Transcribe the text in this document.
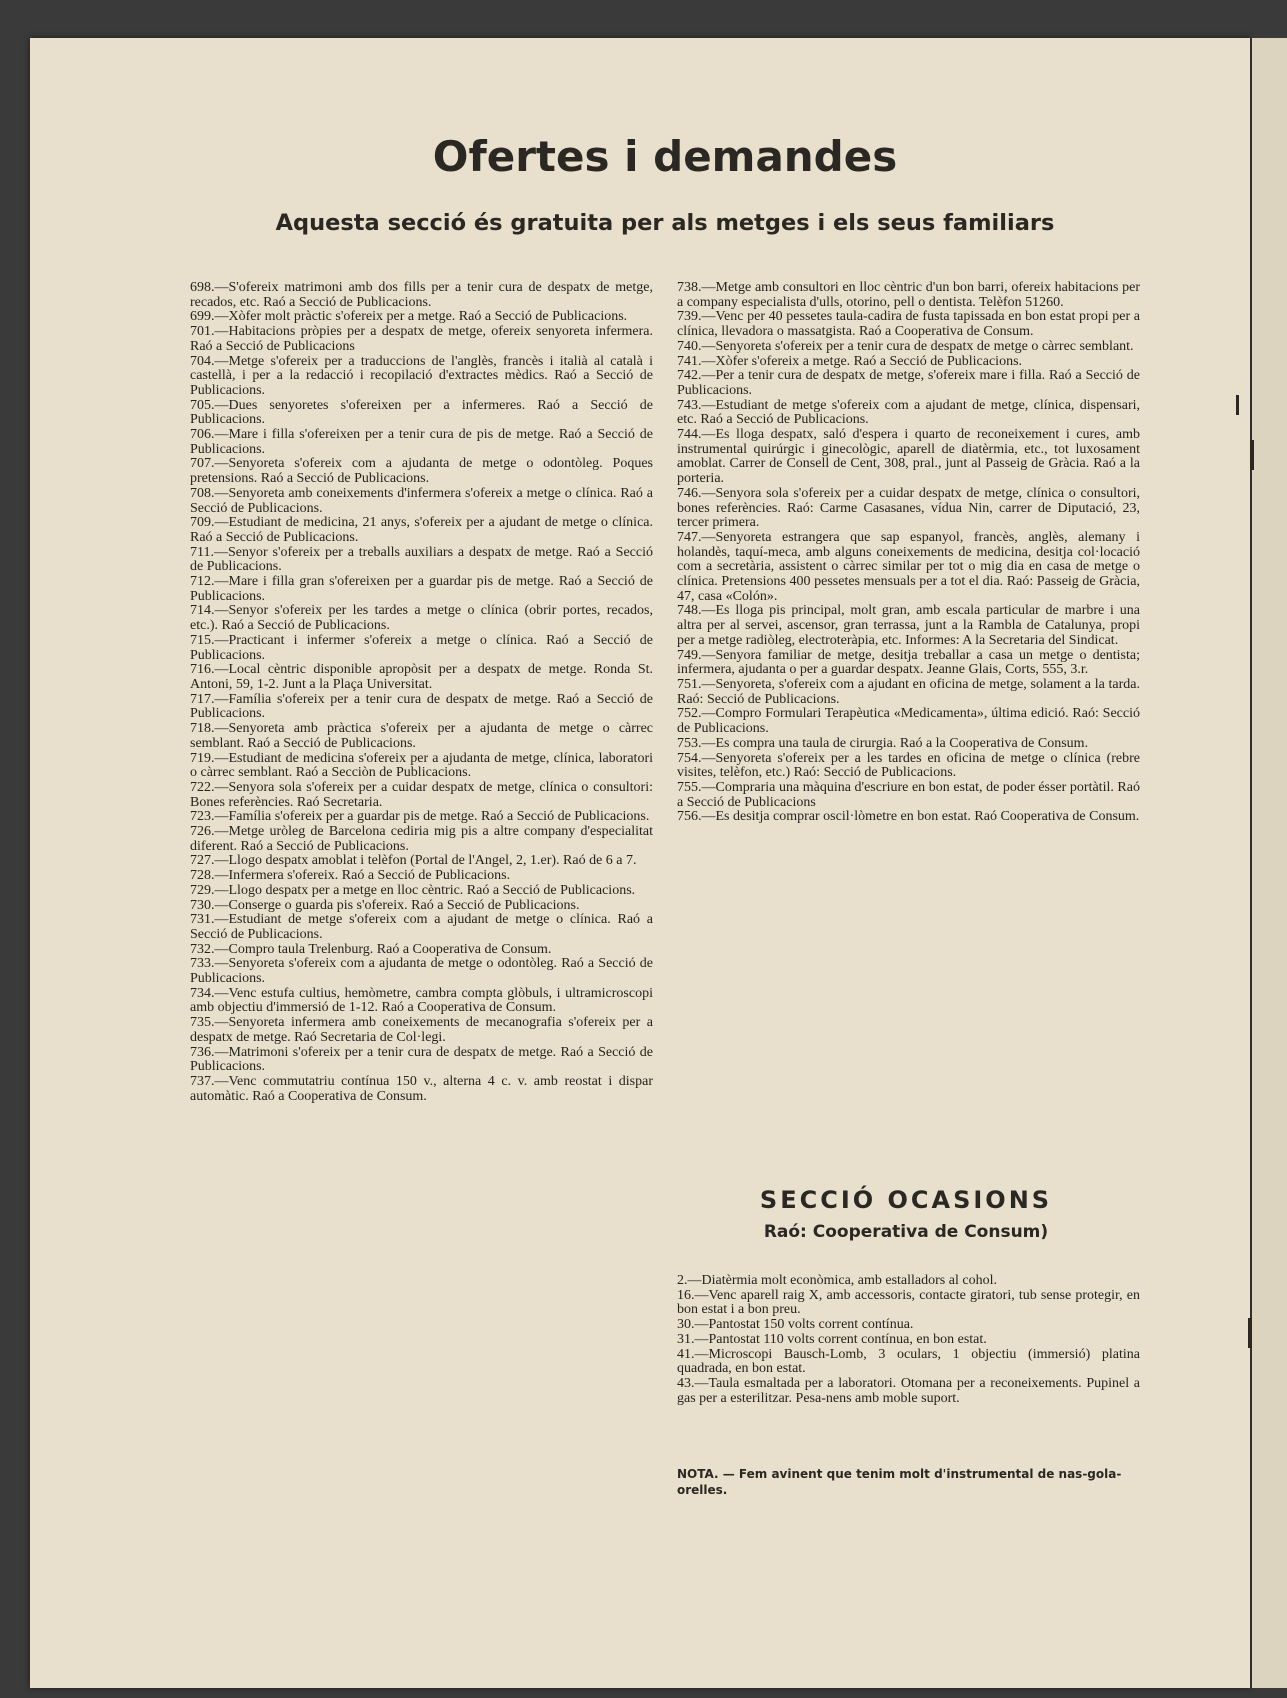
Ofertes i demandes
Aquesta secció és gratuita per als metges i els seus familiars

698.—S'ofereix matrimoni amb dos fills per a tenir cura de despatx de metge, recados, etc. Raó a Secció de Publicacions.

699.—Xòfer molt pràctic s'ofereix per a metge. Raó a Secció de Publicacions.

701.—Habitacions pròpies per a despatx de metge, ofereix senyoreta infermera. Raó a Secció de Publicacions

704.—Metge s'ofereix per a traduccions de l'anglès, francès i italià al català i castellà, i per a la redacció i recopilació d'extractes mèdics. Raó a Secció de Publicacions.

705.—Dues senyoretes s'ofereixen per a infermeres. Raó a Secció de Publicacions.

706.—Mare i filla s'ofereixen per a tenir cura de pis de metge. Raó a Secció de Publicacions.

707.—Senyoreta s'ofereix com a ajudanta de metge o odontòleg. Poques pretensions. Raó a Secció de Publicacions.

708.—Senyoreta amb coneixements d'infermera s'ofereix a metge o clínica. Raó a Secció de Publicacions.

709.—Estudiant de medicina, 21 anys, s'ofereix per a ajudant de metge o clínica. Raó a Secció de Publicacions.

711.—Senyor s'ofereix per a treballs auxiliars a despatx de metge. Raó a Secció de Publicacions.

712.—Mare i filla gran s'ofereixen per a guardar pis de metge. Raó a Secció de Publicacions.

714.—Senyor s'ofereix per les tardes a metge o clínica (obrir portes, recados, etc.). Raó a Secció de Publicacions.

715.—Practicant i infermer s'ofereix a metge o clínica. Raó a Secció de Publicacions.

716.—Local cèntric disponible apropòsit per a despatx de metge. Ronda St. Antoni, 59, 1-2. Junt a la Plaça Universitat.

717.—Família s'ofereix per a tenir cura de despatx de metge. Raó a Secció de Publicacions.

718.—Senyoreta amb pràctica s'ofereix per a ajudanta de metge o càrrec semblant. Raó a Secció de Publicacions.

719.—Estudiant de medicina s'ofereix per a ajudanta de metge, clínica, laboratori o càrrec semblant. Raó a Secciòn de Publicacions.

722.—Senyora sola s'ofereix per a cuidar despatx de metge, clínica o consultori: Bones referències. Raó Secretaria.

723.—Família s'ofereix per a guardar pis de metge. Raó a Secció de Publicacions.

726.—Metge uròleg de Barcelona cediria mig pis a altre company d'especialitat diferent. Raó a Secció de Publicacions.

727.—Llogo despatx amoblat i telèfon (Portal de l'Angel, 2, 1.er). Raó de 6 a 7.

728.—Infermera s'ofereix. Raó a Secció de Publicacions.

729.—Llogo despatx per a metge en lloc cèntric. Raó a Secció de Publicacions.

730.—Conserge o guarda pis s'ofereix. Raó a Secció de Publicacions.

731.—Estudiant de metge s'ofereix com a ajudant de metge o clínica. Raó a Secció de Publicacions.

732.—Compro taula Trelenburg. Raó a Cooperativa de Consum.

733.—Senyoreta s'ofereix com a ajudanta de metge o odontòleg. Raó a Secció de Publicacions.

734.—Venc estufa cultius, hemòmetre, cambra compta glòbuls, i ultramicroscopi amb objectiu d'immersió de 1-12. Raó a Cooperativa de Consum.

735.—Senyoreta infermera amb coneixements de mecanografia s'ofereix per a despatx de metge. Raó Secretaria de Col·legi.

736.—Matrimoni s'ofereix per a tenir cura de despatx de metge. Raó a Secció de Publicacions.

737.—Venc commutatriu contínua 150 v., alterna 4 c. v. amb reostat i dispar automàtic. Raó a Cooperativa de Consum.

738.—Metge amb consultori en lloc cèntric d'un bon barri, ofereix habitacions per a company especialista d'ulls, otorino, pell o dentista. Telèfon 51260.

739.—Venc per 40 pessetes taula-cadira de fusta tapissada en bon estat propi per a clínica, llevadora o massatgista. Raó a Cooperativa de Consum.

740.—Senyoreta s'ofereix per a tenir cura de despatx de metge o càrrec semblant.

741.—Xòfer s'ofereix a metge. Raó a Secció de Publicacions.

742.—Per a tenir cura de despatx de metge, s'ofereix mare i filla. Raó a Secció de Publicacions.

743.—Estudiant de metge s'ofereix com a ajudant de metge, clínica, dispensari, etc. Raó a Secció de Publicacions.

744.—Es lloga despatx, saló d'espera i quarto de reconeixement i cures, amb instrumental quirúrgic i ginecològic, aparell de diatèrmia, etc., tot luxosament amoblat. Carrer de Consell de Cent, 308, pral., junt al Passeig de Gràcia. Raó a la porteria.

746.—Senyora sola s'ofereix per a cuidar despatx de metge, clínica o consultori, bones referències. Raó: Carme Casasanes, vídua Nin, carrer de Diputació, 23, tercer primera.

747.—Senyoreta estrangera que sap espanyol, francès, anglès, alemany i holandès, taquí-meca, amb alguns coneixements de medicina, desitja col·locació com a secretària, assistent o càrrec similar per tot o mig dia en casa de metge o clínica. Pretensions 400 pessetes mensuals per a tot el dia. Raó: Passeig de Gràcia, 47, casa «Colón».

748.—Es lloga pis principal, molt gran, amb escala particular de marbre i una altra per al servei, ascensor, gran terrassa, junt a la Rambla de Catalunya, propi per a metge radiòleg, electroteràpia, etc. Informes: A la Secretaria del Sindicat.

749.—Senyora familiar de metge, desitja treballar a casa un metge o dentista; infermera, ajudanta o per a guardar despatx. Jeanne Glais, Corts, 555, 3.r.

751.—Senyoreta, s'ofereix com a ajudant en oficina de metge, solament a la tarda. Raó: Secció de Publicacions.

752.—Compro Formulari Terapèutica «Medicamenta», última edició. Raó: Secció de Publicacions.

753.—Es compra una taula de cirurgia. Raó a la Cooperativa de Consum.

754.—Senyoreta s'ofereix per a les tardes en oficina de metge o clínica (rebre visites, telèfon, etc.) Raó: Secció de Publicacions.

755.—Compraria una màquina d'escriure en bon estat, de poder ésser portàtil. Raó a Secció de Publicacions

756.—Es desitja comprar oscil·lòmetre en bon estat. Raó Cooperativa de Consum.

SECCIÓ OCASIONS
Raó: Cooperativa de Consum)

2.—Diatèrmia molt econòmica, amb estalladors al cohol.

16.—Venc aparell raig X, amb accessoris, contacte giratori, tub sense protegir, en bon estat i a bon preu.

30.—Pantostat 150 volts corrent contínua.

31.—Pantostat 110 volts corrent contínua, en bon estat.

41.—Microscopi Bausch-Lomb, 3 oculars, 1 objectiu (immersió) platina quadrada, en bon estat.

43.—Taula esmaltada per a laboratori. Otomana per a reconeixements. Pupinel a gas per a esterilitzar. Pesa-nens amb moble suport.

NOTA. — Fem avinent que tenim molt d'instrumental de nas-gola-orelles.
